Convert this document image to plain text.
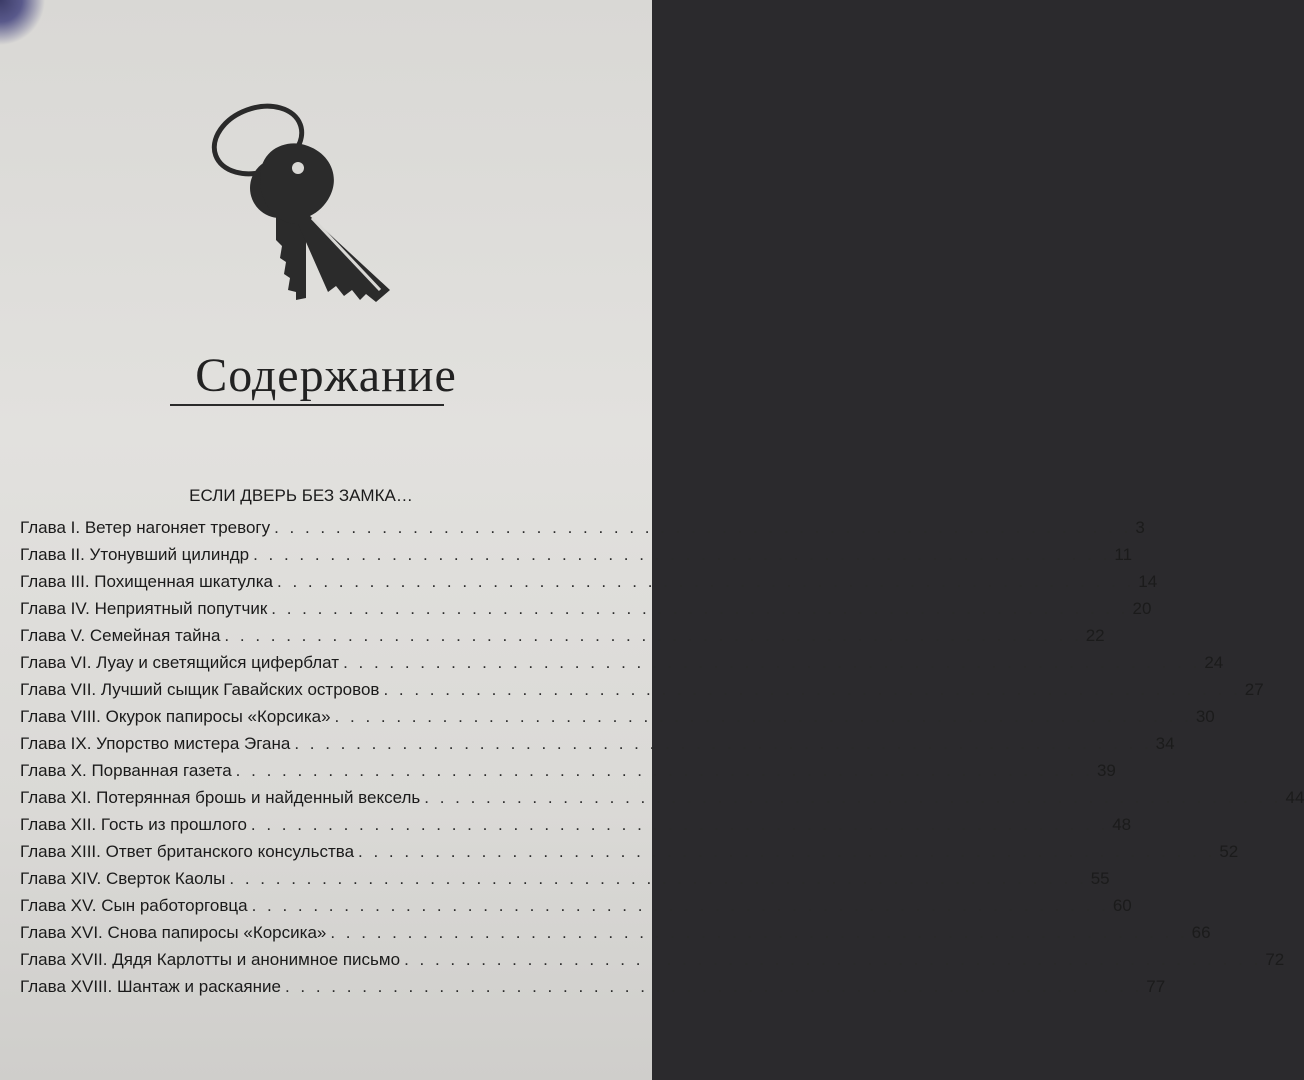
Содержание
ЕСЛИ ДВЕРЬ БЕЗ ЗАМКА…
Глава I.
Ветер нагоняет тревогу . . . . . . . . . . . . . . . . . . . . . . . . . . . . . . . . . . . . . . . . . . . . . . . . . . . . . . . . 3
Глава II.
Утонувший цилиндр . . . . . . . . . . . . . . . . . . . . . . . . . . . . . . . . . . . . . . . . . . . . . . . . . . . . . . . . 11
Глава III.
Похищенная шкатулка . . . . . . . . . . . . . . . . . . . . . . . . . . . . . . . . . . . . . . . . . . . . . . . . . . . . . . . . 14
Глава IV.
Неприятный попутчик . . . . . . . . . . . . . . . . . . . . . . . . . . . . . . . . . . . . . . . . . . . . . . . . . . . . . . . . 20
Глава V.
Семейная тайна . . . . . . . . . . . . . . . . . . . . . . . . . . . . . . . . . . . . . . . . . . . . . . . . . . . . . . . . 22
Глава VI.
Луау и светящийся циферблат . . . . . . . . . . . . . . . . . . . . . . . . . . . . . . . . . . . . . . . . . . . . . . . . . . . . . . . . 24
Глава VII.
Лучший сыщик Гавайских островов . . . . . . . . . . . . . . . . . . . . . . . . . . . . . . . . . . . . . . . . . . . . . . . . . . . . . . . . 27
Глава VIII.
Окурок папиросы «Корсика» . . . . . . . . . . . . . . . . . . . . . . . . . . . . . . . . . . . . . . . . . . . . . . . . . . . . . . . . 30
Глава IX.
Упорство мистера Эгана . . . . . . . . . . . . . . . . . . . . . . . . . . . . . . . . . . . . . . . . . . . . . . . . . . . . . . . . 34
Глава X.
Порванная газета . . . . . . . . . . . . . . . . . . . . . . . . . . . . . . . . . . . . . . . . . . . . . . . . . . . . . . . . 39
Глава XI.
Потерянная брошь и найденный вексель . . . . . . . . . . . . . . . . . . . . . . . . . . . . . . . . . . . . . . . . . . . . . . . . . . . . . . . . 44
Глава XII.
Гость из прошлого . . . . . . . . . . . . . . . . . . . . . . . . . . . . . . . . . . . . . . . . . . . . . . . . . . . . . . . . 48
Глава XIII.
Ответ британского консульства . . . . . . . . . . . . . . . . . . . . . . . . . . . . . . . . . . . . . . . . . . . . . . . . . . . . . . . . 52
Глава XIV.
Сверток Каолы . . . . . . . . . . . . . . . . . . . . . . . . . . . . . . . . . . . . . . . . . . . . . . . . . . . . . . . . 55
Глава XV.
Сын работорговца . . . . . . . . . . . . . . . . . . . . . . . . . . . . . . . . . . . . . . . . . . . . . . . . . . . . . . . . 60
Глава XVI.
Снова папиросы «Корсика» . . . . . . . . . . . . . . . . . . . . . . . . . . . . . . . . . . . . . . . . . . . . . . . . . . . . . . . . 66
Глава XVII.
Дядя Карлотты и анонимное письмо . . . . . . . . . . . . . . . . . . . . . . . . . . . . . . . . . . . . . . . . . . . . . . . . . . . . . . . . 72
Глава XVIII.
Шантаж и раскаяние . . . . . . . . . . . . . . . . . . . . . . . . . . . . . . . . . . . . . . . . . . . . . . . . . . . . . . . . 77
